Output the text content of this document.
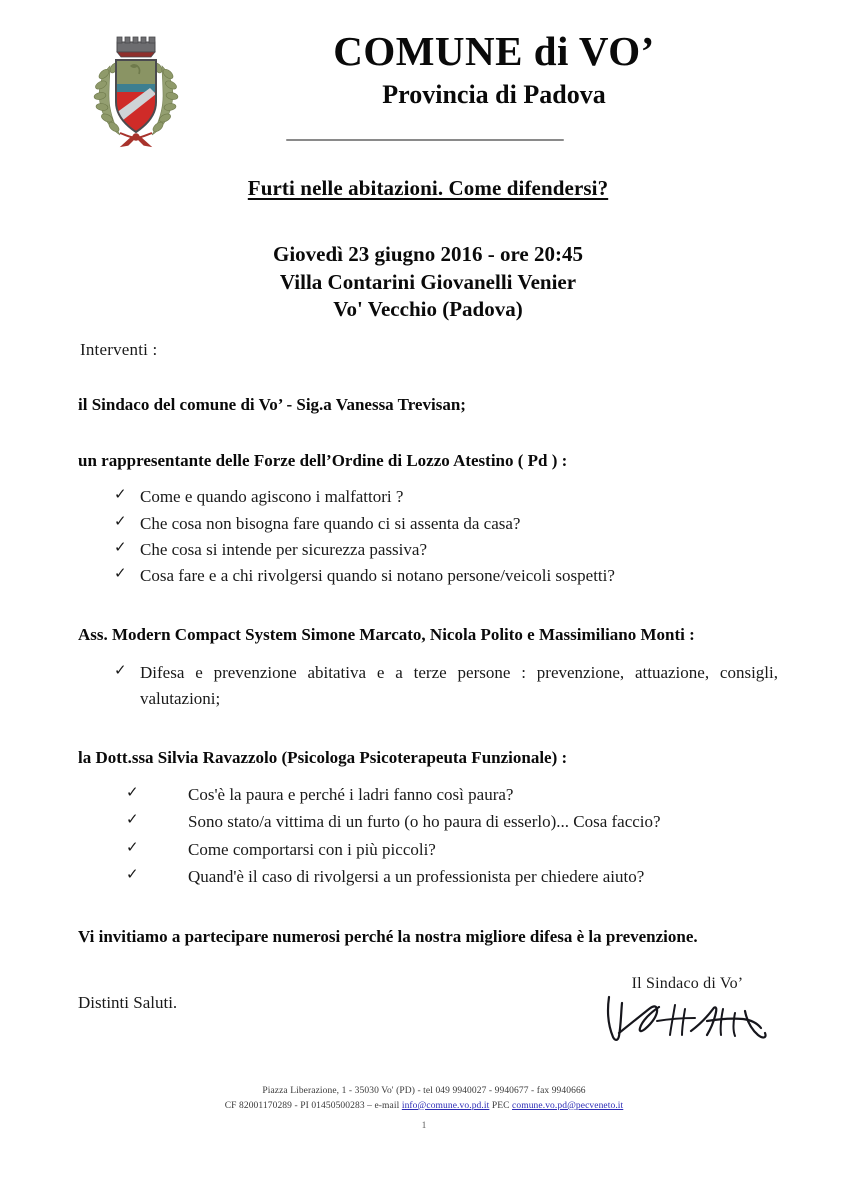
COMUNE di VO’
Provincia di Padova
Furti nelle abitazioni. Come difendersi?
Giovedì 23 giugno 2016 - ore 20:45
Villa Contarini Giovanelli Venier
Vo' Vecchio (Padova)
Interventi :
il Sindaco del comune di Vo’ - Sig.a Vanessa Trevisan;
un rappresentante delle Forze dell’Ordine di Lozzo Atestino ( Pd ) :
✓ Come e quando agiscono i malfattori ?
✓ Che cosa non bisogna fare quando ci si assenta da casa?
✓ Che cosa si intende per sicurezza passiva?
✓ Cosa fare e a chi rivolgersi quando si notano persone/veicoli sospetti?
Ass. Modern Compact System Simone Marcato, Nicola Polito e Massimiliano Monti :
✓ Difesa e prevenzione abitativa e a terze persone : prevenzione, attuazione, consigli, valutazioni;
la Dott.ssa Silvia Ravazzolo (Psicologa Psicoterapeuta Funzionale) :
✓	Cos'è la paura e perché i ladri fanno così paura?
✓	Sono stato/a vittima di un furto (o ho paura di esserlo)... Cosa faccio?
✓	Come comportarsi con i più piccoli?
✓	Quand'è il caso di rivolgersi a un professionista per chiedere aiuto?
Vi invitiamo a partecipare numerosi perché la nostra migliore difesa è la prevenzione.
Distinti Saluti.
Il Sindaco di Vo’
Piazza Liberazione, 1 - 35030 Vo' (PD) - tel 049 9940027 - 9940677 - fax 9940666
CF 82001170289 - PI 01450500283 – e-mail info@comune.vo.pd.it PEC comune.vo.pd@pecveneto.it
1
